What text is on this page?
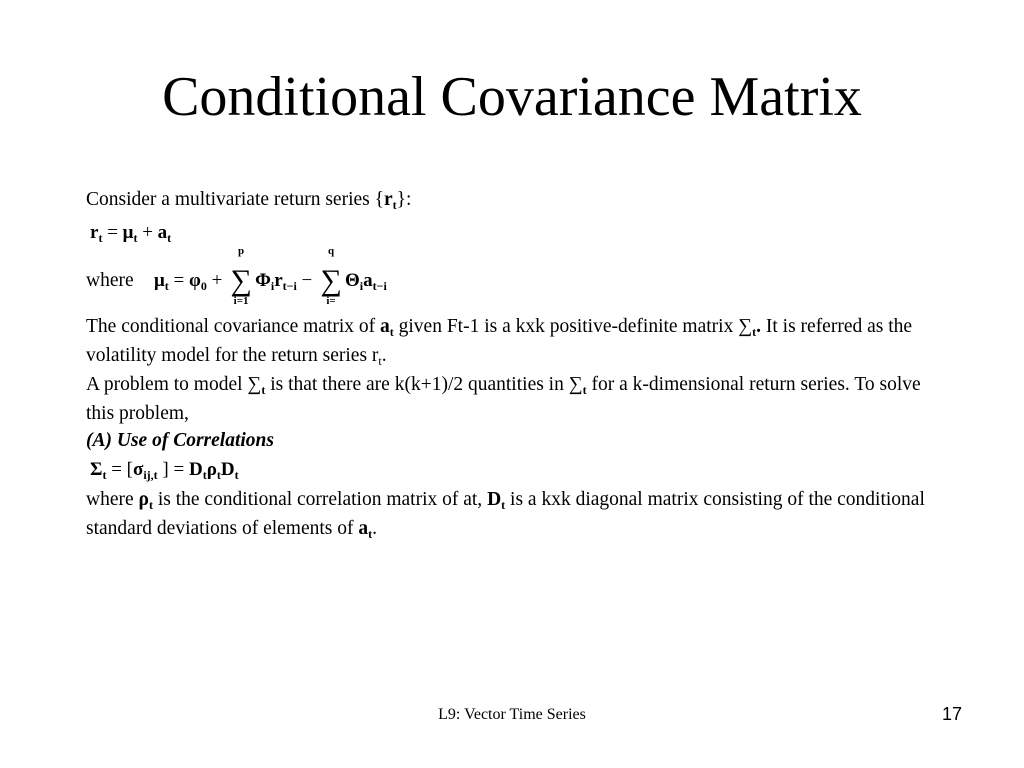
Conditional Covariance Matrix
Consider a multivariate return series $\{r_t\}$:
$r_t = \mu_t + a_t$
where $\mu_t = \varphi_0$ +
p
∑
i=1
$\Phi_ir_{t-i}$ −
q
∑
i=
$\Theta_ia_{t-i}$
The conditional covariance matrix of $a_t$ given Ft-1 is a kxk positive-definite matrix $\sum_t$. It is referred as the volatility model for the return series $r_t$.
A problem to model $\sum_t$ is that there are k(k+1)/2 quantities in $\sum_t$ for a k-dimensional return series. To solve this problem,
(A) Use of Correlations
$\Sigma_t = [\sigma_{ij,t}$ ] = $D_t\rho_tD_t$
where $\rho_t$ is the conditional correlation matrix of at, $D_t$ is a kxk diagonal matrix consisting of the conditional standard deviations of elements of $a_t$.
L9: Vector Time Series	17
